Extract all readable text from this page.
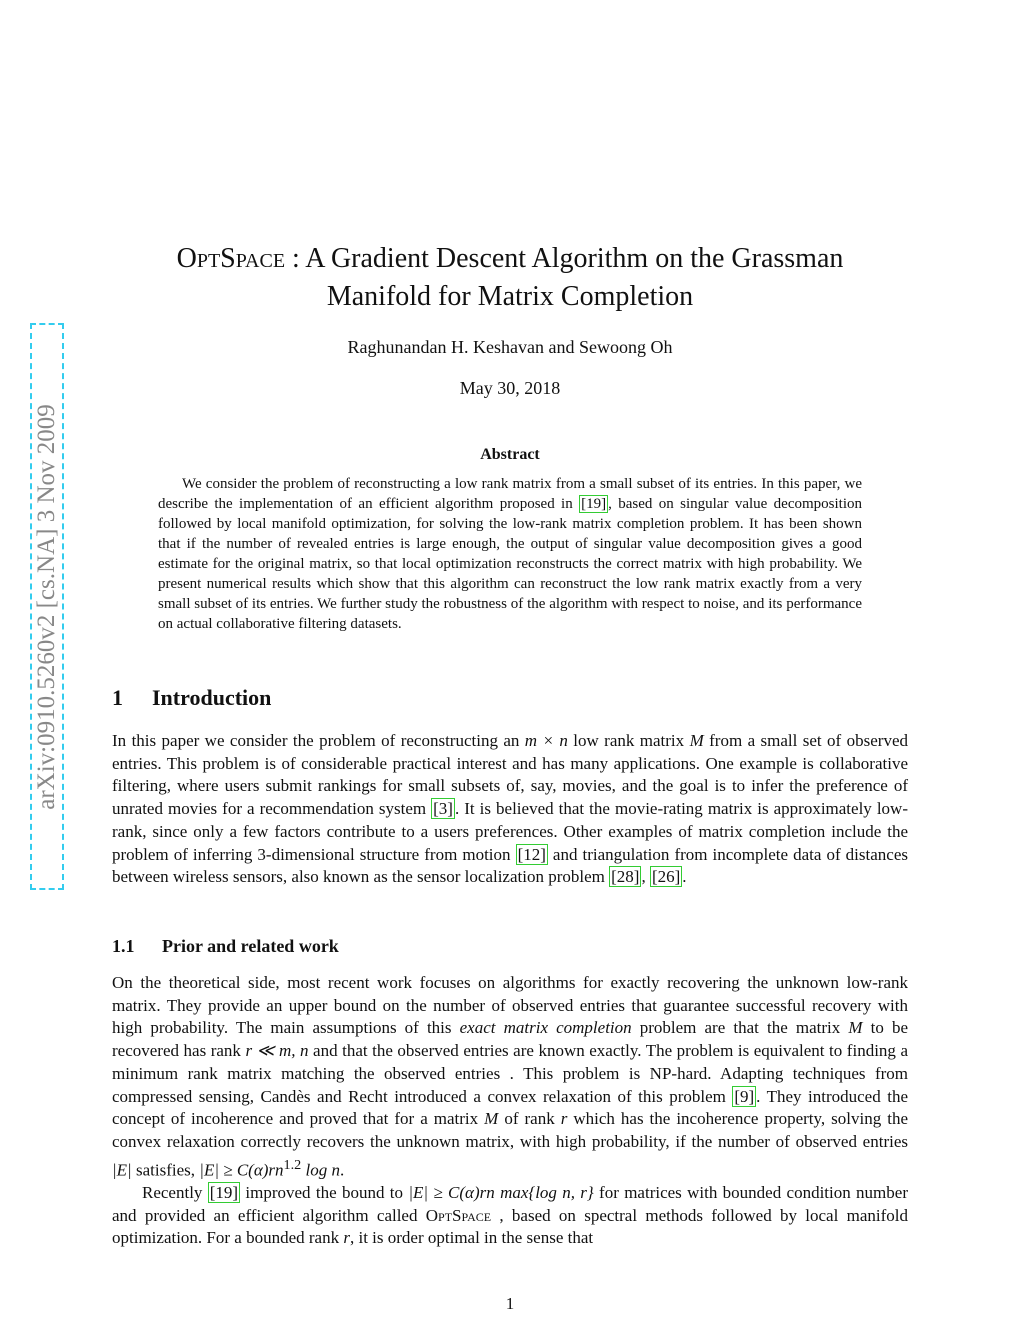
arXiv:0910.5260v2 [cs.NA] 3 Nov 2009
OptSpace : A Gradient Descent Algorithm on the Grassman
Manifold for Matrix Completion
Raghunandan H. Keshavan and Sewoong Oh
May 30, 2018
Abstract

We consider the problem of reconstructing a low rank matrix from a small subset of its entries. In this paper, we describe the implementation of an efficient algorithm proposed in [19] , based on singular value decomposition followed by local manifold optimization, for solving the low-rank matrix completion problem. It has been shown that if the number of revealed entries is large enough, the output of singular value decomposition gives a good estimate for the original matrix, so that local optimization reconstructs the correct matrix with high probability. We present numerical results which show that this algorithm can reconstruct the low rank matrix exactly from a very small subset of its entries. We further study the robustness of the algorithm with respect to noise, and its performance on actual collaborative filtering datasets.

1 Introduction

In this paper we consider the problem of reconstructing an m × n low rank matrix M from a small set of observed entries. This problem is of considerable practical interest and has many applications. One example is collaborative filtering, where users submit rankings for small subsets of, say, movies, and the goal is to infer the preference of unrated movies for a recommendation system [3] . It is believed that the movie-rating matrix is approximately low-rank, since only a few factors contribute to a users preferences. Other examples of matrix completion include the problem of inferring 3-dimensional structure from motion [12] and triangulation from incomplete data of distances between wireless sensors, also known as the sensor localization problem [28] , [26] .

1.1 Prior and related work

On the theoretical side, most recent work focuses on algorithms for exactly recovering the unknown low-rank matrix. They provide an upper bound on the number of observed entries that guarantee successful recovery with high probability. The main assumptions of this exact matrix completion problem are that the matrix M to be recovered has rank r ≪ m, n and that the observed entries are known exactly. The problem is equivalent to finding a minimum rank matrix matching the observed entries . This problem is NP-hard. Adapting techniques from compressed sensing, Candès and Recht introduced a convex relaxation of this problem [9] . They introduced the concept of incoherence and proved that for a matrix M of rank r which has the incoherence property, solving the convex relaxation correctly recovers the unknown matrix, with high probability, if the number of observed entries |E| satisfies, $|E| \ge C(\alpha)rn^{1.2}$ log n.

Recently [19] improved the bound to |E| ≥ C(α)rn max{log n, r} for matrices with bounded condition number and provided an efficient algorithm called OptSpace , based on spectral methods followed by local manifold optimization. For a bounded rank r, it is order optimal in the sense that

1
